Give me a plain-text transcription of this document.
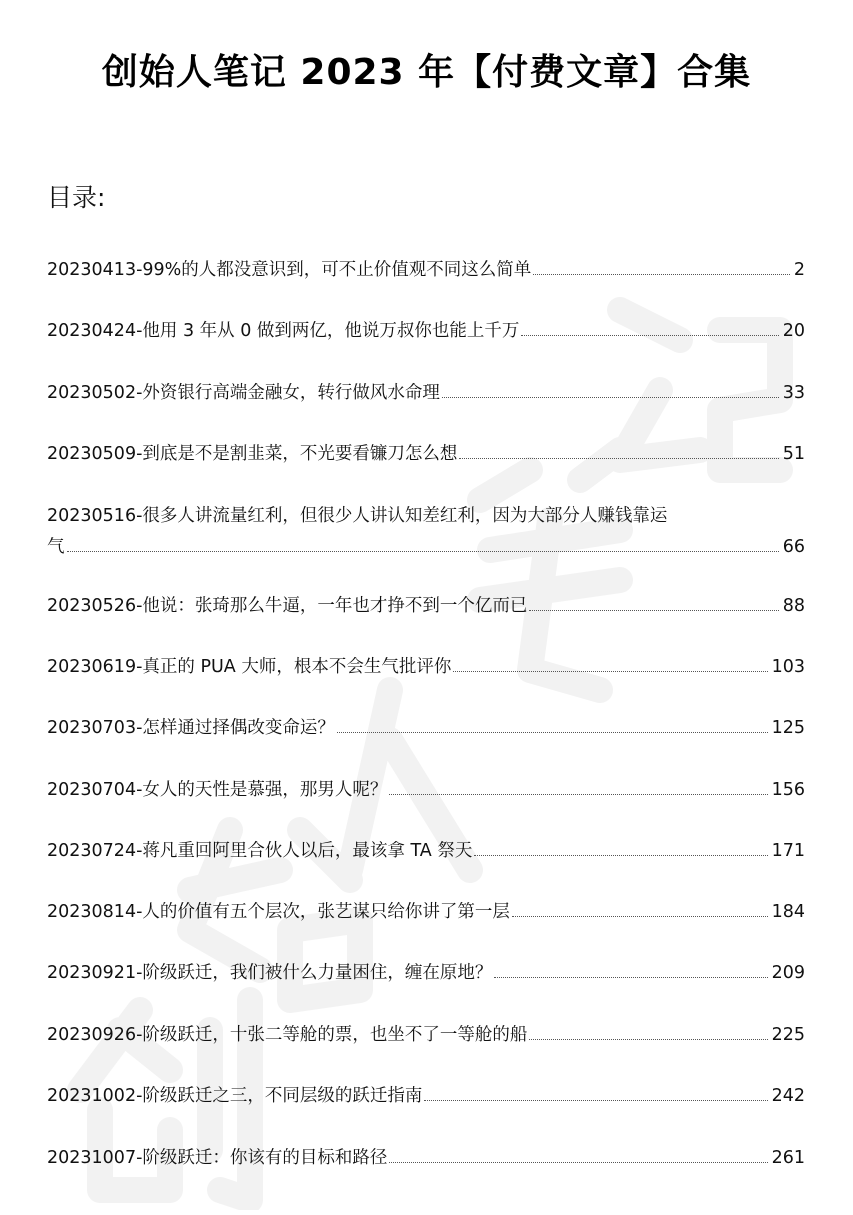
创始人笔记 2023 年【付费文章】合集
目录:
20230413-99%的人都没意识到，可不止价值观不同这么简单	2
20230424-他用 3 年从 0 做到两亿，他说万叔你也能上千万	20
20230502-外资银行高端金融女，转行做风水命理	33
20230509-到底是不是割韭菜，不光要看镰刀怎么想	51
20230516-很多人讲流量红利，但很少人讲认知差红利，因为大部分人赚钱靠运
气	66
20230526-他说：张琦那么牛逼，一年也才挣不到一个亿而已	88
20230619-真正的 PUA 大师，根本不会生气批评你	103
20230703-怎样通过择偶改变命运？	125
20230704-女人的天性是慕强，那男人呢？	156
20230724-蒋凡重回阿里合伙人以后，最该拿 TA 祭天	171
20230814-人的价值有五个层次，张艺谋只给你讲了第一层	184
20230921-阶级跃迁，我们被什么力量困住，缠在原地？	209
20230926-阶级跃迁，十张二等舱的票，也坐不了一等舱的船	225
20231002-阶级跃迁之三，不同层级的跃迁指南	242
20231007-阶级跃迁：你该有的目标和路径	261
